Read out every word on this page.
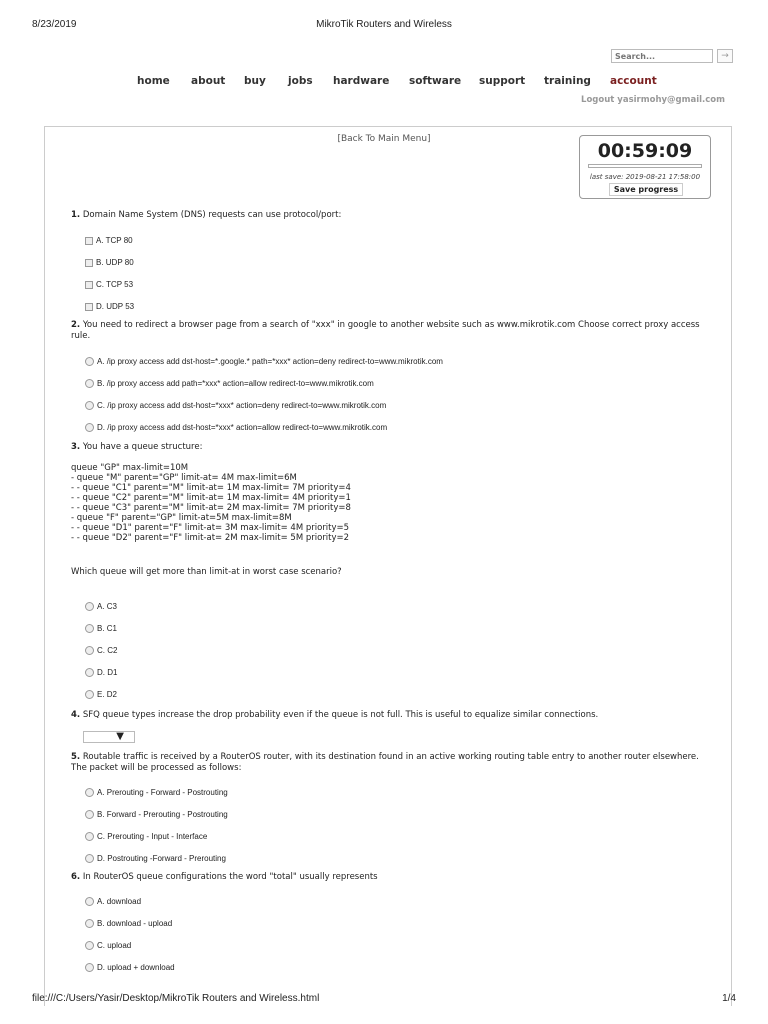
8/23/2019	MikroTik Routers and Wireless
Search...
→
home about buy jobs hardware software support training account
Logout yasirmohy@gmail.com
[Back To Main Menu]
00:59:09
last save: 2019-08-21 17:58:00
Save progress
1. Domain Name System (DNS) requests can use protocol/port:
A. TCP 80
B. UDP 80
C. TCP 53
D. UDP 53
2. You need to redirect a browser page from a search of "xxx" in google to another website such as www.mikrotik.com Choose correct proxy access rule.
A. /ip proxy access add dst-host=*.google.* path=*xxx* action=deny redirect-to=www.mikrotik.com
B. /ip proxy access add path=*xxx* action=allow redirect-to=www.mikrotik.com
C. /ip proxy access add dst-host=*xxx* action=deny redirect-to=www.mikrotik.com
D. /ip proxy access add dst-host=*xxx* action=allow redirect-to=www.mikrotik.com
3. You have a queue structure:
queue "GP" max-limit=10M
- queue "M" parent="GP" limit-at= 4M max-limit=6M
- - queue "C1" parent="M" limit-at= 1M max-limit= 7M priority=4
- - queue "C2" parent="M" limit-at= 1M max-limit= 4M priority=1
- - queue "C3" parent="M" limit-at= 2M max-limit= 7M priority=8
- queue "F" parent="GP" limit-at=5M max-limit=8M
- - queue "D1" parent="F" limit-at= 3M max-limit= 4M priority=5
- - queue "D2" parent="F" limit-at= 2M max-limit= 5M priority=2
Which queue will get more than limit-at in worst case scenario?
A. C3
B. C1
C. C2
D. D1
E. D2
4. SFQ queue types increase the drop probability even if the queue is not full. This is useful to equalize similar connections.
▼
5. Routable traffic is received by a RouterOS router, with its destination found in an active working routing table entry to another router elsewhere. The packet will be processed as follows:
A. Prerouting - Forward - Postrouting
B. Forward - Prerouting - Postrouting
C. Prerouting - Input - Interface
D. Postrouting -Forward - Prerouting
6. In RouterOS queue configurations the word "total" usually represents
A. download
B. download - upload
C. upload
D. upload + download
file:///C:/Users/Yasir/Desktop/MikroTik Routers and Wireless.html	1/4
